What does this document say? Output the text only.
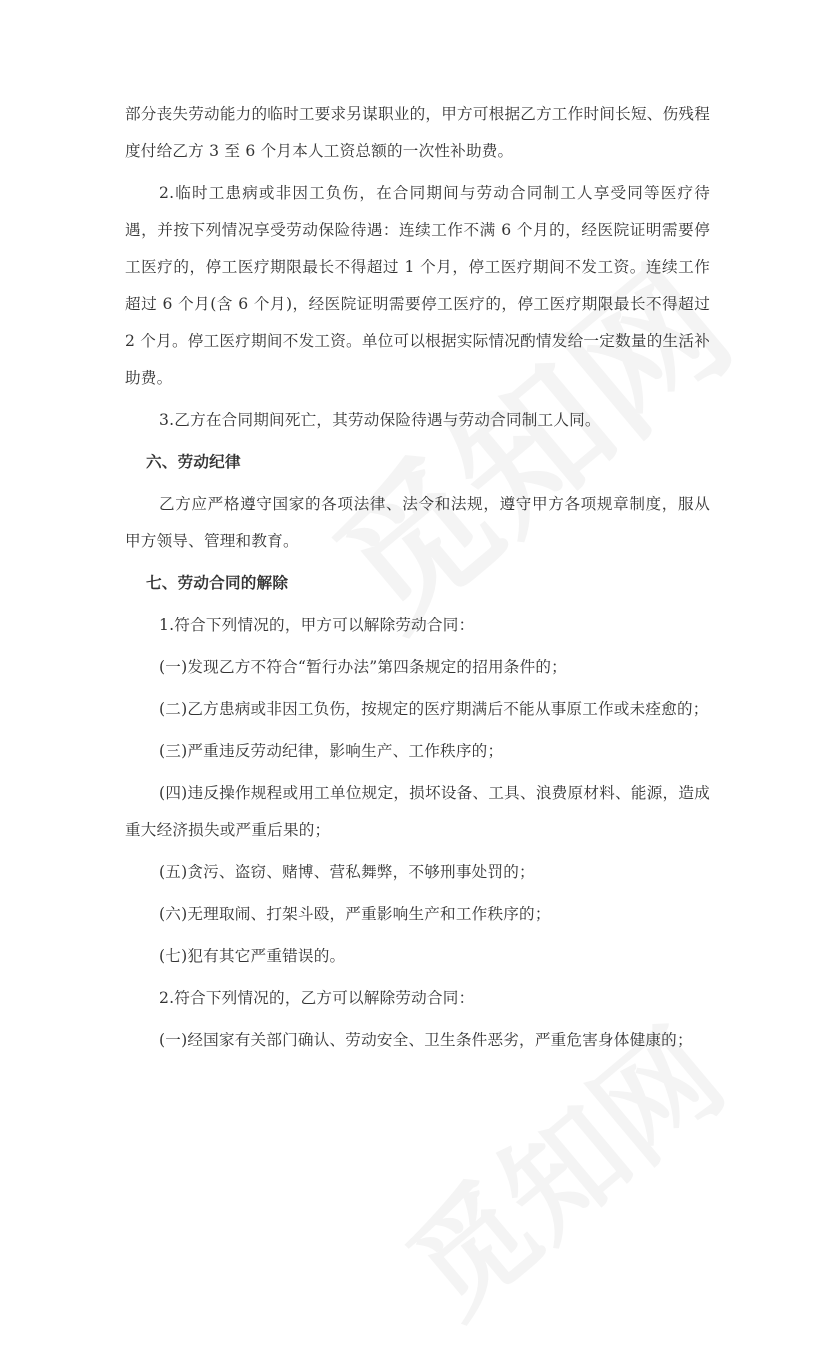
部分丧失劳动能力的临时工要求另谋职业的，甲方可根据乙方工作时间长短、伤残程度付给乙方 3 至 6 个月本人工资总额的一次性补助费。

2.临时工患病或非因工负伤，在合同期间与劳动合同制工人享受同等医疗待遇，并按下列情况享受劳动保险待遇：连续工作不满 6 个月的，经医院证明需要停工医疗的，停工医疗期限最长不得超过 1 个月，停工医疗期间不发工资。连续工作超过 6 个月(含 6 个月)，经医院证明需要停工医疗的，停工医疗期限最长不得超过 2 个月。停工医疗期间不发工资。单位可以根据实际情况酌情发给一定数量的生活补助费。

3.乙方在合同期间死亡，其劳动保险待遇与劳动合同制工人同。

六、劳动纪律

乙方应严格遵守国家的各项法律、法令和法规，遵守甲方各项规章制度，服从甲方领导、管理和教育。

七、劳动合同的解除

1.符合下列情况的，甲方可以解除劳动合同：

(一)发现乙方不符合“暂行办法”第四条规定的招用条件的；

(二)乙方患病或非因工负伤，按规定的医疗期满后不能从事原工作或未痊愈的；

(三)严重违反劳动纪律，影响生产、工作秩序的；

(四)违反操作规程或用工单位规定，损坏设备、工具、浪费原材料、能源，造成重大经济损失或严重后果的；

(五)贪污、盗窃、赌博、营私舞弊，不够刑事处罚的；

(六)无理取闹、打架斗殴，严重影响生产和工作秩序的；

(七)犯有其它严重错误的。

2.符合下列情况的，乙方可以解除劳动合同：

(一)经国家有关部门确认、劳动安全、卫生条件恶劣，严重危害身体健康的；
